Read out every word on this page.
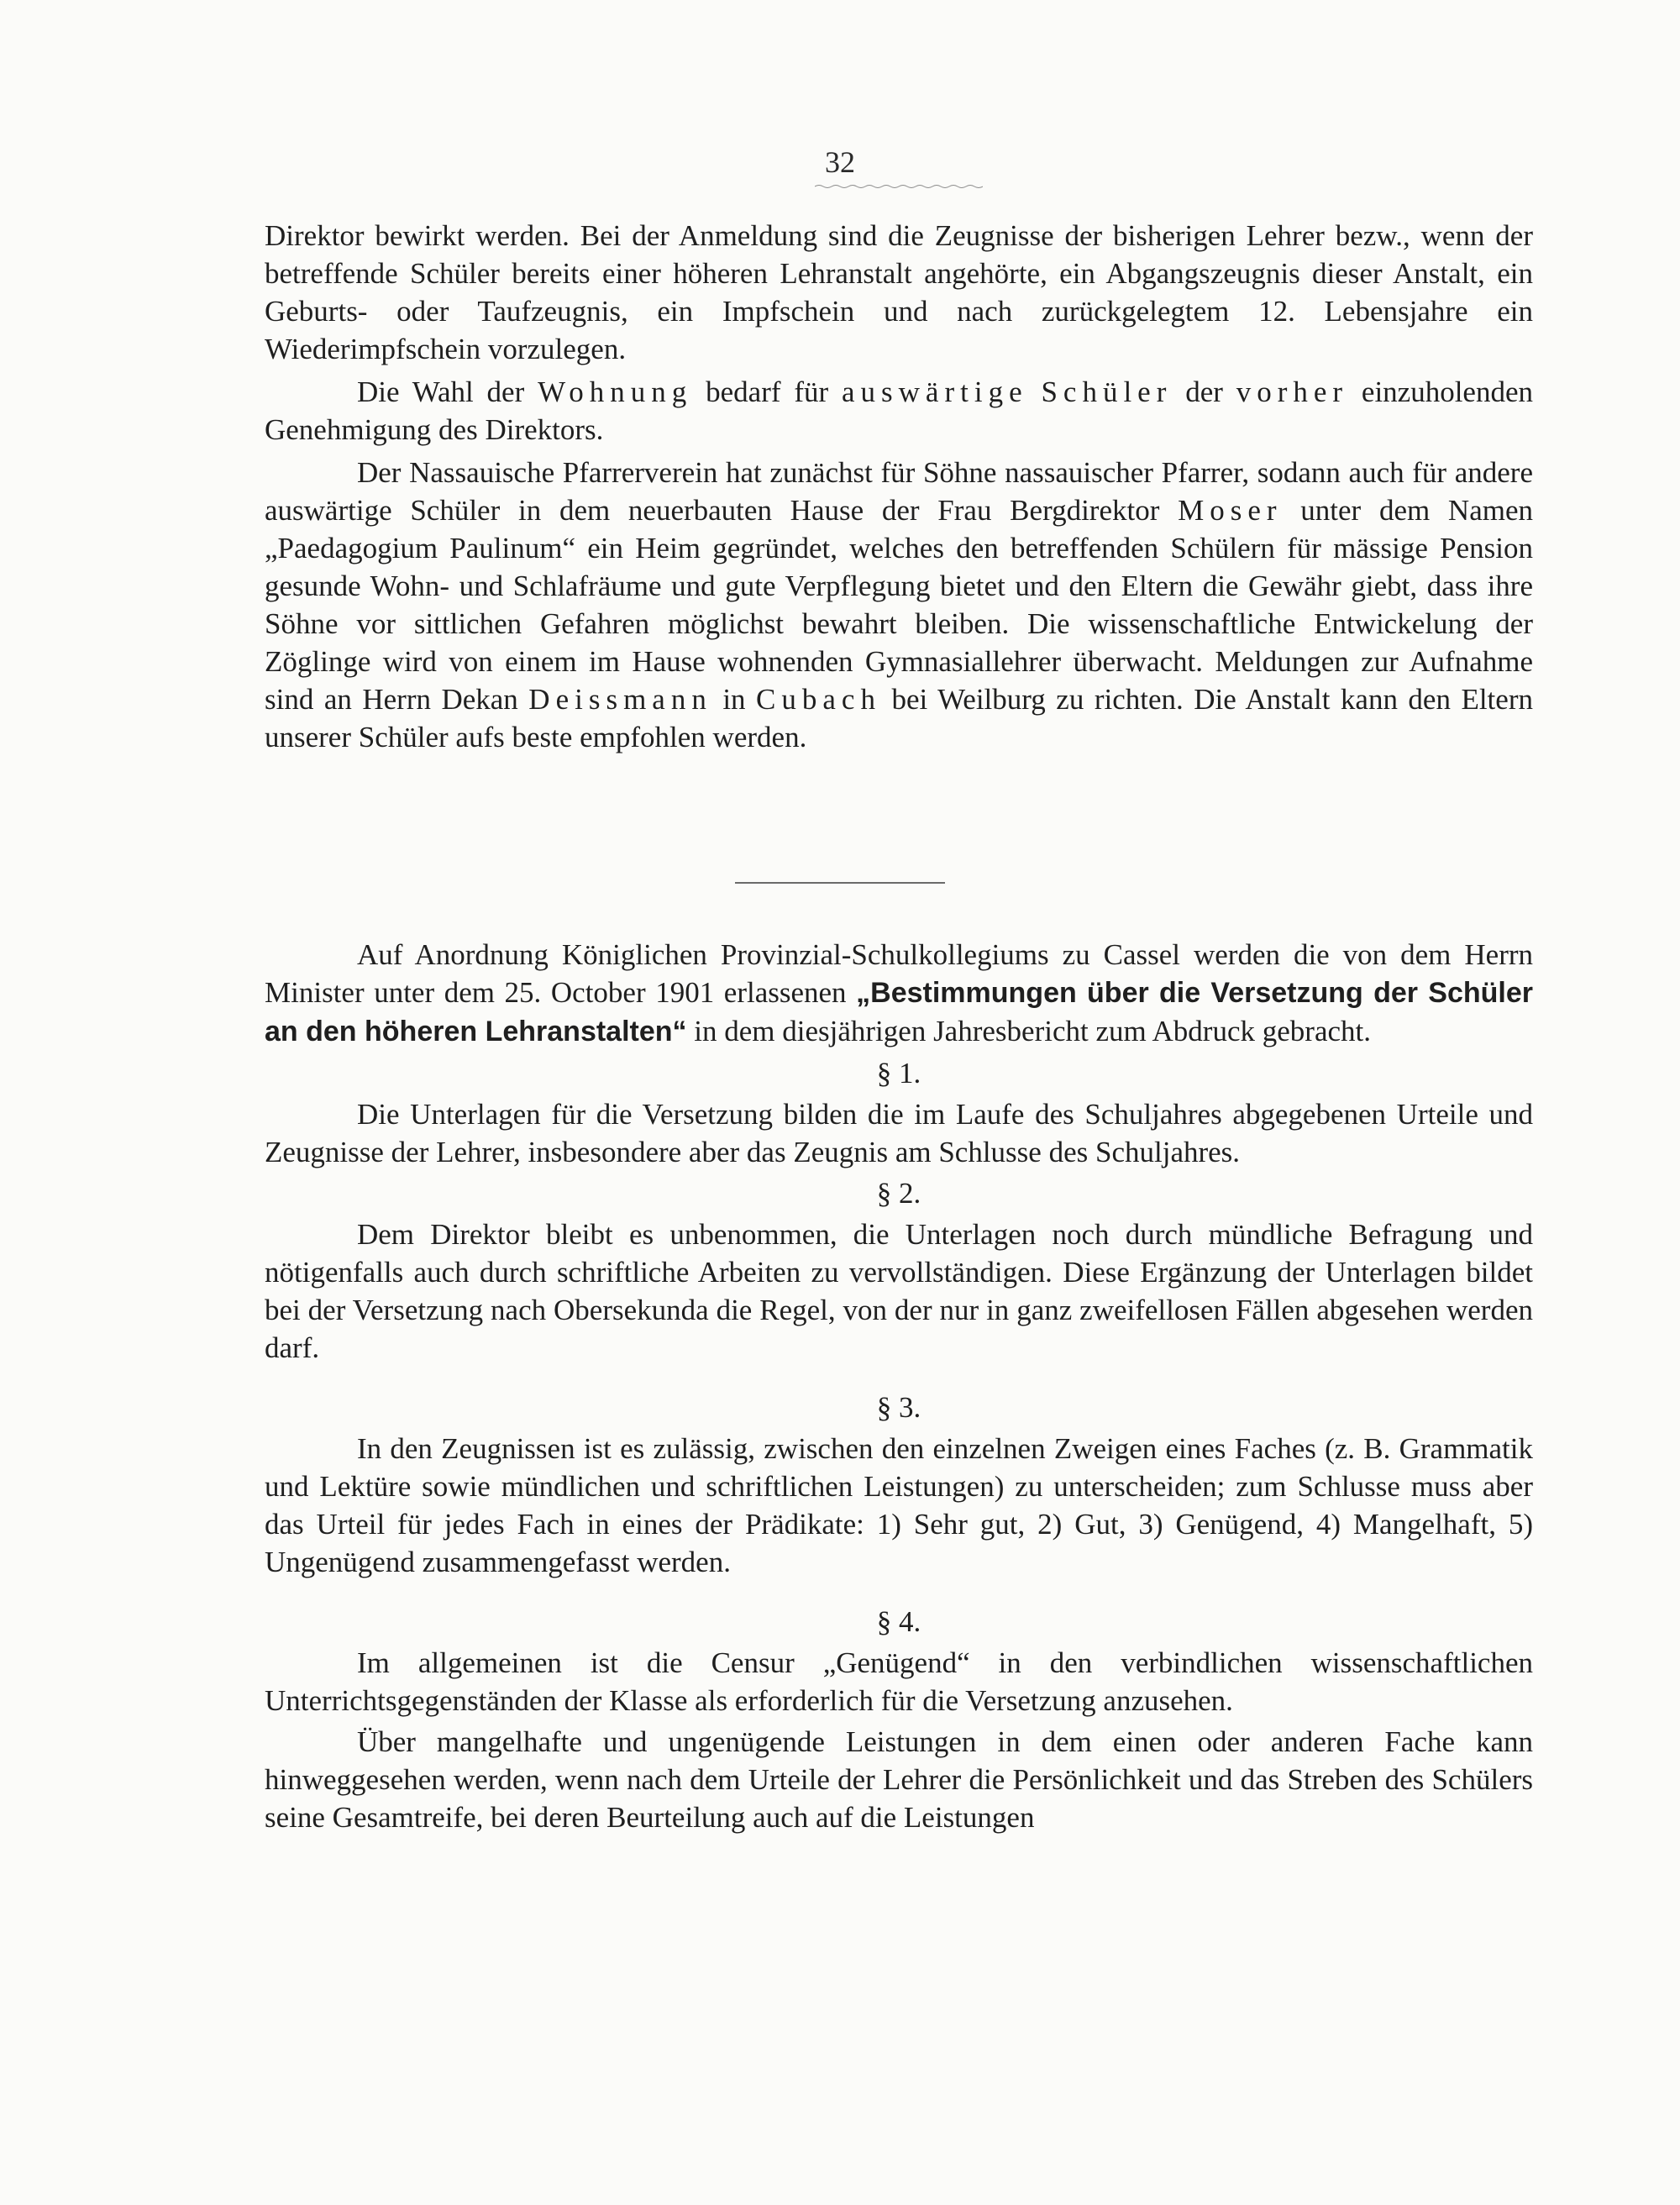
32

Direktor bewirkt werden. Bei der Anmeldung sind die Zeugnisse der bisherigen Lehrer bezw., wenn der betreffende Schüler bereits einer höheren Lehranstalt angehörte, ein Abgangszeugnis dieser Anstalt, ein Geburts- oder Taufzeugnis, ein Impfschein und nach zurückgelegtem 12. Lebensjahre ein Wiederimpfschein vorzulegen.

Die Wahl der Wohnung bedarf für auswärtige Schüler der vorher einzuholenden Genehmigung des Direktors.

Der Nassauische Pfarrerverein hat zunächst für Söhne nassauischer Pfarrer, sodann auch für andere auswärtige Schüler in dem neuerbauten Hause der Frau Bergdirektor Moser unter dem Namen „Paedagogium Paulinum“ ein Heim gegründet, welches den betreffenden Schülern für mässige Pension gesunde Wohn- und Schlafräume und gute Verpflegung bietet und den Eltern die Gewähr giebt, dass ihre Söhne vor sittlichen Gefahren möglichst bewahrt bleiben. Die wissenschaftliche Entwickelung der Zöglinge wird von einem im Hause wohnenden Gymnasiallehrer überwacht. Meldungen zur Aufnahme sind an Herrn Dekan Deissmann in Cubach bei Weilburg zu richten. Die Anstalt kann den Eltern unserer Schüler aufs beste empfohlen werden.

Auf Anordnung Königlichen Provinzial-Schulkollegiums zu Cassel werden die von dem Herrn Minister unter dem 25. October 1901 erlassenen „Bestimmungen über die Versetzung der Schüler an den höheren Lehranstalten“ in dem diesjährigen Jahresbericht zum Abdruck gebracht.

§ 1.

Die Unterlagen für die Versetzung bilden die im Laufe des Schuljahres abgegebenen Urteile und Zeugnisse der Lehrer, insbesondere aber das Zeugnis am Schlusse des Schuljahres.

§ 2.

Dem Direktor bleibt es unbenommen, die Unterlagen noch durch mündliche Befragung und nötigenfalls auch durch schriftliche Arbeiten zu vervollständigen. Diese Ergänzung der Unterlagen bildet bei der Versetzung nach Obersekunda die Regel, von der nur in ganz zweifellosen Fällen abgesehen werden darf.

§ 3.

In den Zeugnissen ist es zulässig, zwischen den einzelnen Zweigen eines Faches (z. B. Grammatik und Lektüre sowie mündlichen und schriftlichen Leistungen) zu unterscheiden; zum Schlusse muss aber das Urteil für jedes Fach in eines der Prädikate: 1) Sehr gut, 2) Gut, 3) Genügend, 4) Mangelhaft, 5) Ungenügend zusammengefasst werden.

§ 4.

Im allgemeinen ist die Censur „Genügend“ in den verbindlichen wissenschaftlichen Unterrichtsgegenständen der Klasse als erforderlich für die Versetzung anzusehen.

Über mangelhafte und ungenügende Leistungen in dem einen oder anderen Fache kann hinweggesehen werden, wenn nach dem Urteile der Lehrer die Persönlichkeit und das Streben des Schülers seine Gesamtreife, bei deren Beurteilung auch auf die Leistungen
